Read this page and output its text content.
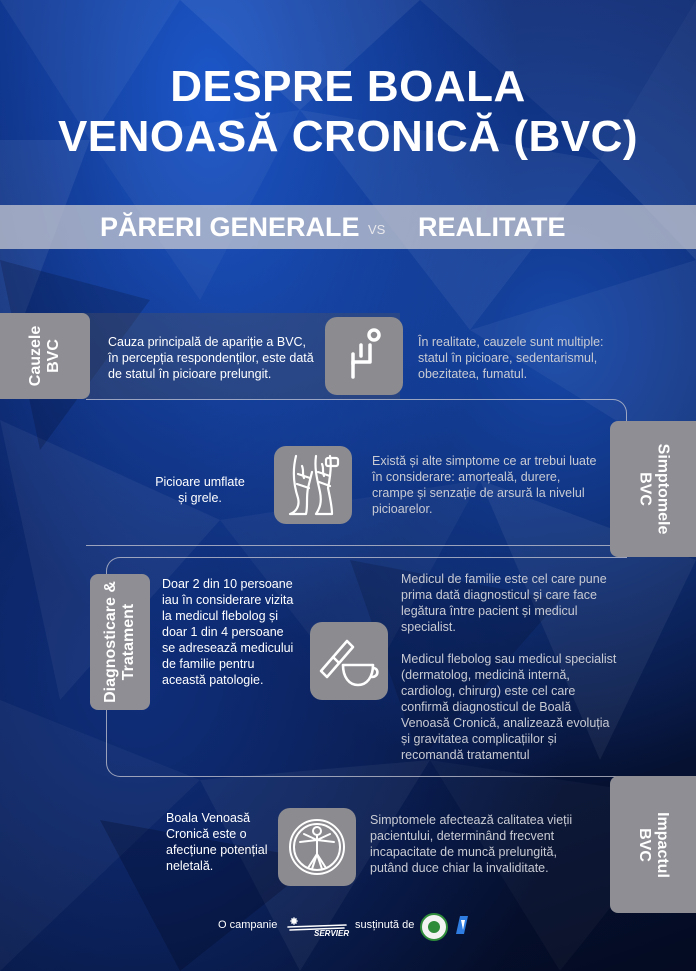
DESPRE BOALA
VENOASĂ CRONICĂ (BVC)
PĂRERI GENERALE VS REALITATE
Cauzele BVC	Cauza principală de apariție a BVC, în percepția respondenților, este dată de statul în picioare prelungit.
În realitate, cauzele sunt multiple: statul în picioare, sedentarismul, obezitatea, fumatul.
Simptomele
BVC
Picioare umflate
și grele.
Există și alte simptome ce ar trebui luate în considerare: amorțeală, durere, crampe și senzație de arsură la nivelul picioarelor.
Diagnosticare & Tratament
Doar 2 din 10 persoane iau în considerare vizita la medicul flebolog și doar 1 din 4 persoane se adresează medicului de familie pentru această patologie.
Medicul de familie este cel care pune prima dată diagnosticul și care face legătura între pacient și medicul specialist.
Medicul flebolog sau medicul specialist (dermatolog, medicină internă, cardiolog, chirurg) este cel care confirmă diagnosticul de Boală Venoasă Cronică, analizează evoluția și gravitatea complicațiilor și recomandă tratamentul
Impactul
BVC
Boala Venoasă Cronică este o afecțiune potențial neletală.
Simptomele afectează calitatea vieții pacientului, determinând frecvent incapacitate de muncă prelungită, putând duce chiar la invaliditate.
O campanie
SERVIER
susținută de
